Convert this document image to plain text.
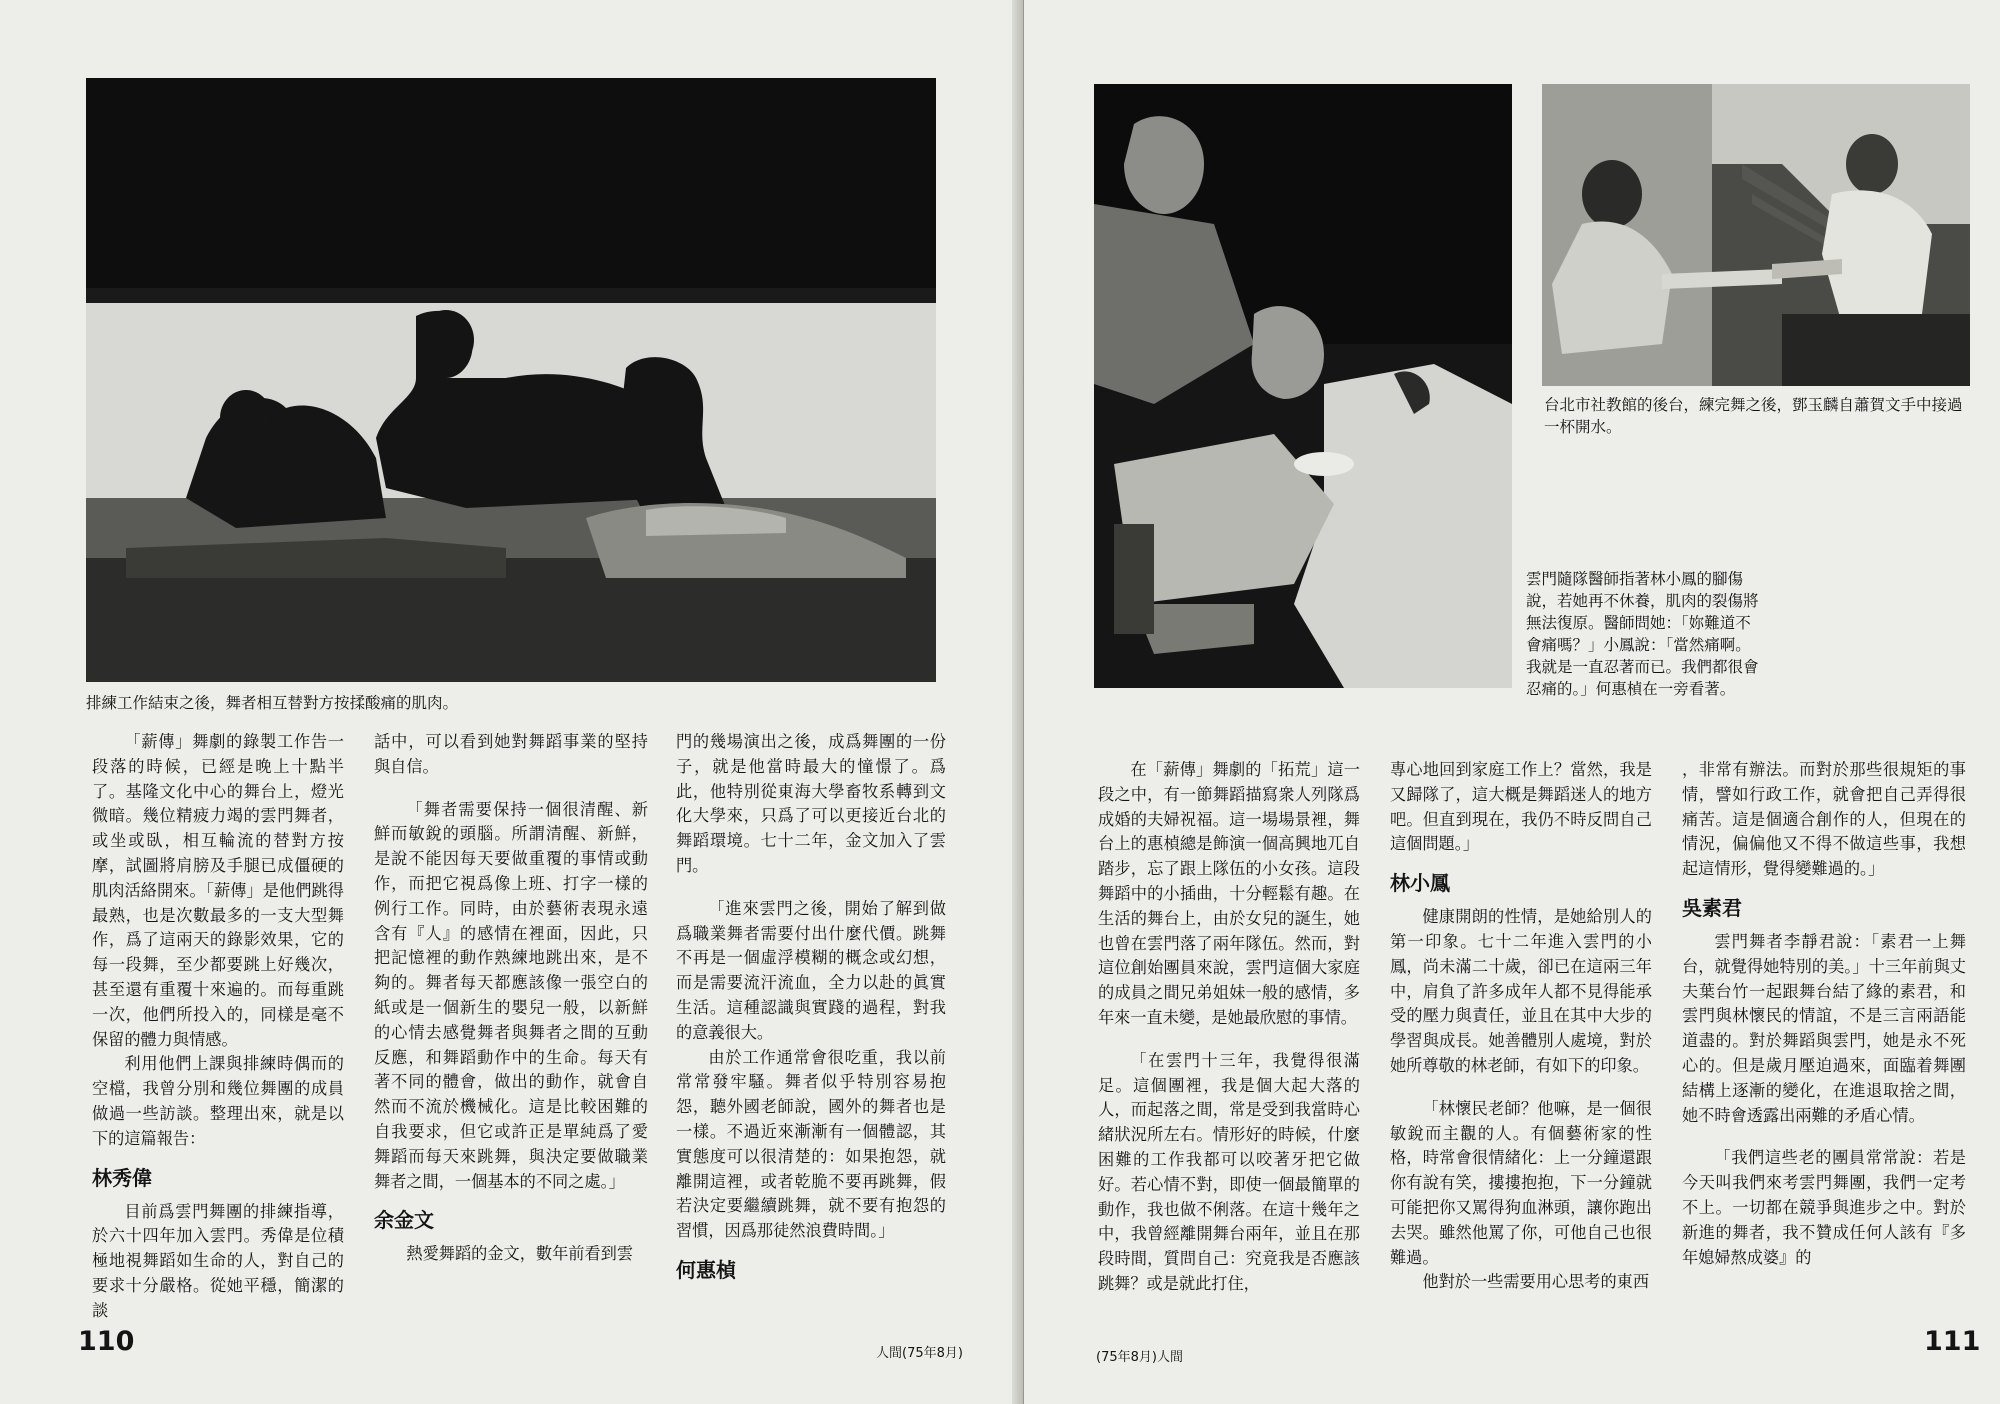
排練工作結束之後，舞者相互替對方按揉酸痛的肌肉。

「薪傳」舞劇的錄製工作告一段落的時候，已經是晚上十點半了。基隆文化中心的舞台上，燈光微暗。幾位精疲力竭的雲門舞者，或坐或臥，相互輪流的替對方按摩，試圖將肩膀及手腿已成僵硬的肌肉活絡開來。「薪傳」是他們跳得最熟，也是次數最多的一支大型舞作，爲了這兩天的錄影效果，它的每一段舞，至少都要跳上好幾次，甚至還有重覆十來遍的。而每重跳一次，他們所投入的，同樣是毫不保留的體力與情感。

利用他們上課與排練時偶而的空檔，我曾分別和幾位舞團的成員做過一些訪談。整理出來，就是以下的這篇報告：

林秀偉

目前爲雲門舞團的排練指導，於六十四年加入雲門。秀偉是位積極地視舞蹈如生命的人，對自己的要求十分嚴格。從她平穩，簡潔的談

話中，可以看到她對舞蹈事業的堅持與自信。

「舞者需要保持一個很清醒、新鮮而敏銳的頭腦。所謂清醒、新鮮，是說不能因每天要做重覆的事情或動作，而把它視爲像上班、打字一樣的例行工作。同時，由於藝術表現永遠含有『人』的感情在裡面，因此，只把記憶裡的動作熟練地跳出來，是不夠的。舞者每天都應該像一張空白的紙或是一個新生的嬰兒一般，以新鮮的心情去感覺舞者與舞者之間的互動反應，和舞蹈動作中的生命。每天有著不同的體會，做出的動作，就會自然而不流於機械化。這是比較困難的自我要求，但它或許正是單純爲了愛舞蹈而每天來跳舞，與決定要做職業舞者之間，一個基本的不同之處。」

余金文

熱愛舞蹈的金文，數年前看到雲

門的幾場演出之後，成爲舞團的一份子，就是他當時最大的憧憬了。爲此，他特別從東海大學畜牧系轉到文化大學來，只爲了可以更接近台北的舞蹈環境。七十二年，金文加入了雲門。

「進來雲門之後，開始了解到做爲職業舞者需要付出什麼代價。跳舞不再是一個虛浮模糊的概念或幻想，而是需要流汗流血，全力以赴的眞實生活。這種認識與實踐的過程，對我的意義很大。

由於工作通常會很吃重，我以前常常發牢騷。舞者似乎特別容易抱怨，聽外國老師說，國外的舞者也是一樣。不過近來漸漸有一個體認，其實態度可以很清楚的：如果抱怨，就離開這裡，或者乾脆不要再跳舞，假若決定要繼續跳舞，就不要有抱怨的習慣，因爲那徒然浪費時間。」

何惠楨
110	人間(75年8月)
台北市社教館的後台，練完舞之後，鄧玉麟自蕭賀文手中接過一杯開水。
雲門隨隊醫師指著林小鳳的腳傷說，若她再不休養，肌肉的裂傷將無法復原。醫師問她：「妳難道不會痛嗎？」小鳳說：「當然痛啊。我就是一直忍著而已。我們都很會忍痛的。」何惠楨在一旁看著。

在「薪傳」舞劇的「拓荒」這一段之中，有一節舞蹈描寫衆人列隊爲成婚的夫婦祝福。這一場場景裡，舞台上的惠楨總是飾演一個高興地兀自踏步，忘了跟上隊伍的小女孩。這段舞蹈中的小插曲，十分輕鬆有趣。在生活的舞台上，由於女兒的誕生，她也曾在雲門落了兩年隊伍。然而，對這位創始團員來說，雲門這個大家庭的成員之間兄弟姐妹一般的感情，多年來一直未變，是她最欣慰的事情。

「在雲門十三年，我覺得很滿足。這個團裡，我是個大起大落的人，而起落之間，常是受到我當時心緒狀況所左右。情形好的時候，什麼困難的工作我都可以咬著牙把它做好。若心情不對，即使一個最簡單的動作，我也做不俐落。在這十幾年之中，我曾經離開舞台兩年，並且在那段時間，質問自己：究竟我是否應該跳舞？或是就此打住，

專心地回到家庭工作上？當然，我是又歸隊了，這大概是舞蹈迷人的地方吧。但直到現在，我仍不時反問自己這個問題。」

林小鳳

健康開朗的性情，是她給別人的第一印象。七十二年進入雲門的小鳳，尚未滿二十歲，卻已在這兩三年中，肩負了許多成年人都不見得能承受的壓力與責任，並且在其中大步的學習與成長。她善體別人處境，對於她所尊敬的林老師，有如下的印象。

「林懷民老師？他嘛，是一個很敏銳而主觀的人。有個藝術家的性格，時常會很情緒化：上一分鐘還跟你有說有笑，摟摟抱抱，下一分鐘就可能把你又罵得狗血淋頭，讓你跑出去哭。雖然他罵了你，可他自己也很難過。

他對於一些需要用心思考的東西

，非常有辦法。而對於那些很規矩的事情，譬如行政工作，就會把自己弄得很痛苦。這是個適合創作的人，但現在的情況，偏偏他又不得不做這些事，我想起這情形，覺得變難過的。」

吳素君

雲門舞者李靜君說：「素君一上舞台，就覺得她特別的美。」十三年前與丈夫葉台竹一起跟舞台結了緣的素君，和雲門與林懷民的情誼，不是三言兩語能道盡的。對於舞蹈與雲門，她是永不死心的。但是歲月壓迫過來，面臨着舞團結構上逐漸的變化，在進退取捨之間，她不時會透露出兩難的矛盾心情。

「我們這些老的團員常常說：若是今天叫我們來考雲門舞團，我們一定考不上。一切都在競爭與進步之中。對於新進的舞者，我不贊成任何人該有『多年媳婦熬成婆』的

(75年8月)人間
111
